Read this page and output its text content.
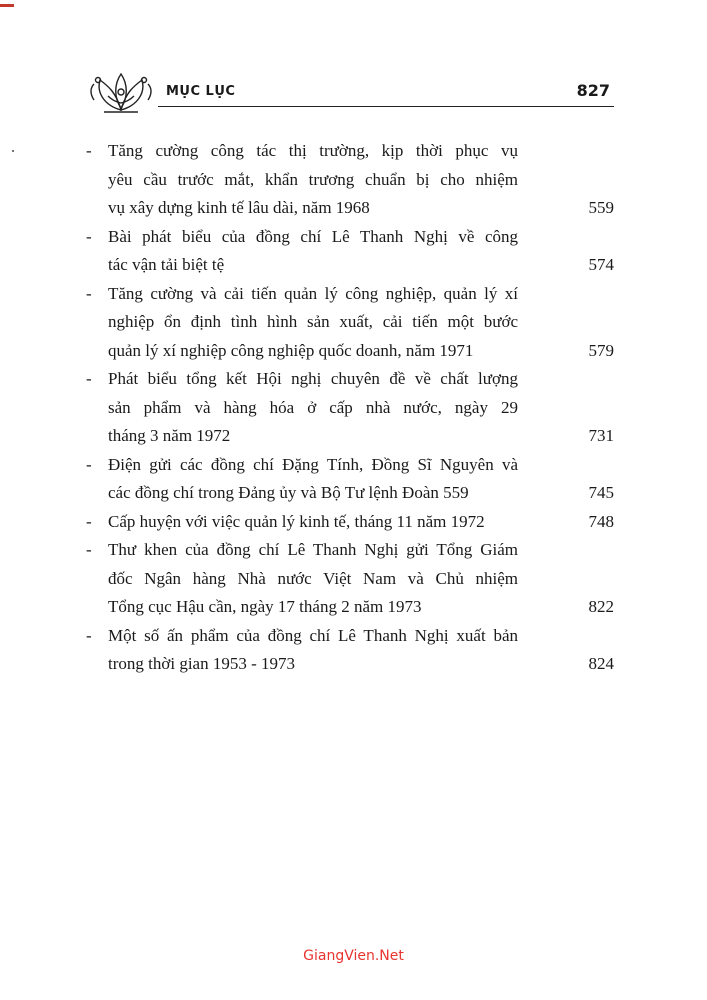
MỤC LỤC	827
- Tăng cường công tác thị trường, kịp thời phục vụ
yêu cầu trước mắt, khẩn trương chuẩn bị cho nhiệm
vụ xây dựng kinh tế lâu dài, năm 1968	559
- Bài phát biểu của đồng chí Lê Thanh Nghị về công
tác vận tải biệt tệ	574
- Tăng cường và cải tiến quản lý công nghiệp, quản lý xí
nghiệp ổn định tình hình sản xuất, cải tiến một bước
quản lý xí nghiệp công nghiệp quốc doanh, năm 1971	579
- Phát biểu tổng kết Hội nghị chuyên đề về chất lượng
sản phẩm và hàng hóa ở cấp nhà nước, ngày 29
tháng 3 năm 1972	731
- Điện gửi các đồng chí Đặng Tính, Đồng Sĩ Nguyên và
các đồng chí trong Đảng ủy và Bộ Tư lệnh Đoàn 559	745
- Cấp huyện với việc quản lý kinh tế, tháng 11 năm 1972	748
- Thư khen của đồng chí Lê Thanh Nghị gửi Tổng Giám
đốc Ngân hàng Nhà nước Việt Nam và Chủ nhiệm
Tổng cục Hậu cần, ngày 17 tháng 2 năm 1973	822
- Một số ấn phẩm của đồng chí Lê Thanh Nghị xuất bản
trong thời gian 1953 - 1973	824
GiangVien.Net
